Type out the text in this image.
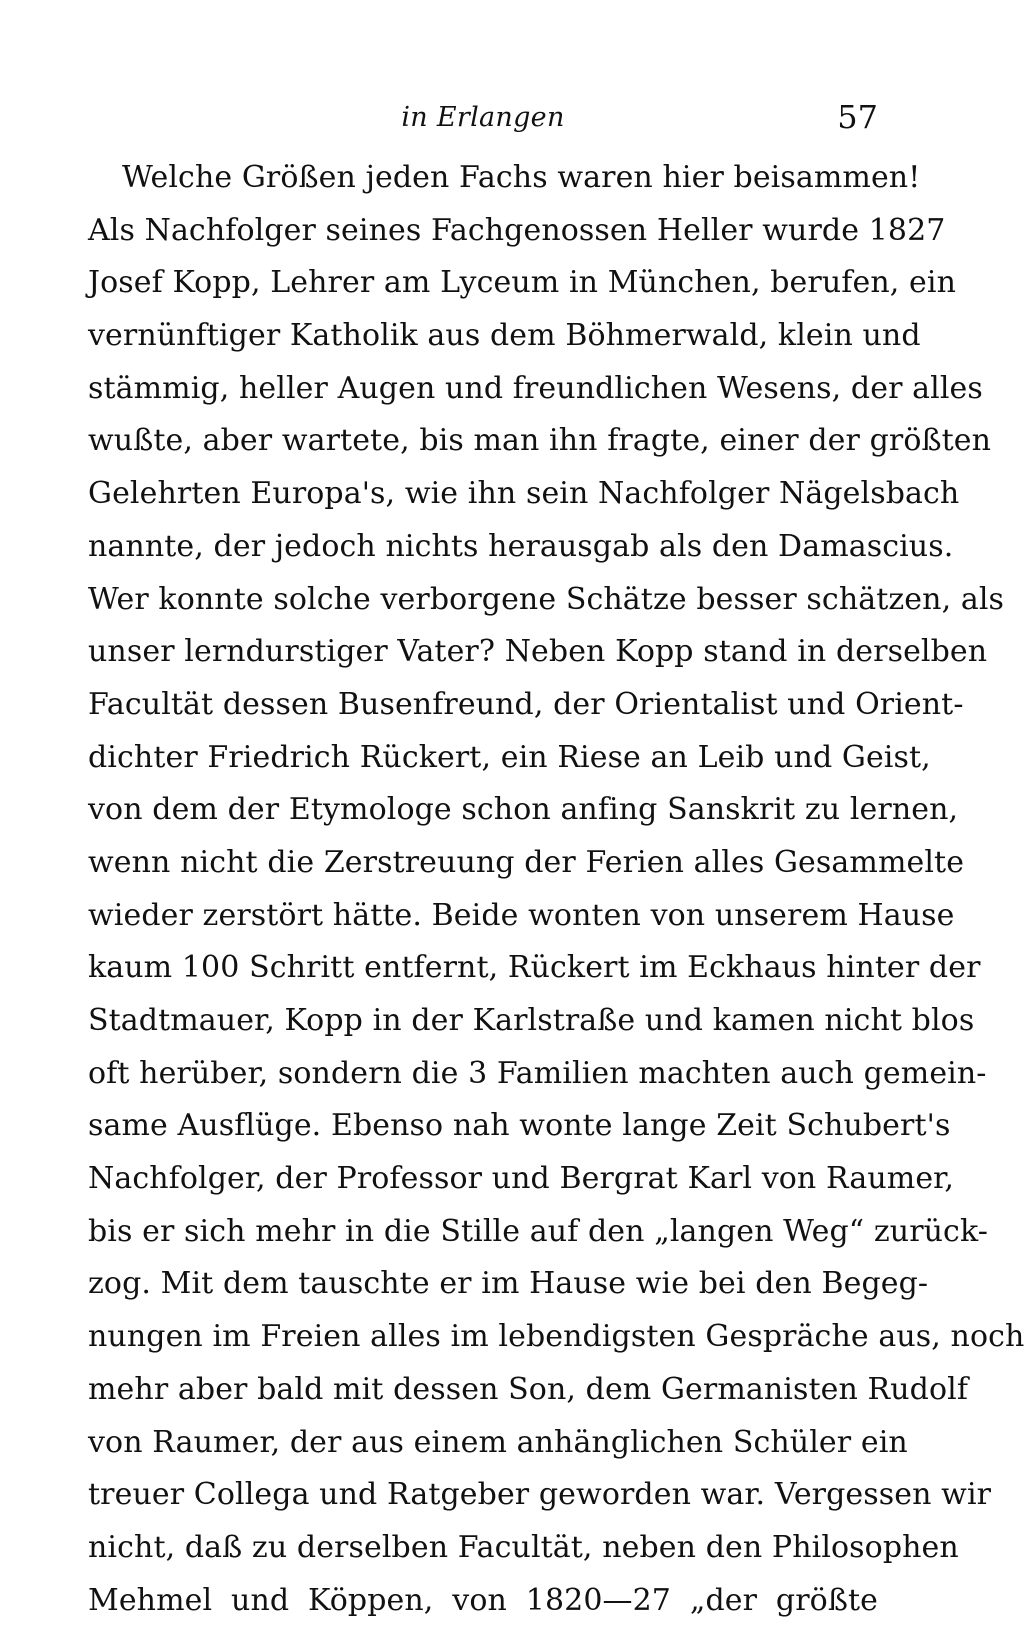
in Erlangen	57
Welche Größen jeden Fachs waren hier beisammen!
Als Nachfolger seines Fachgenossen Heller wurde 1827
Josef Kopp, Lehrer am Lyceum in München, berufen, ein
vernünftiger Katholik aus dem Böhmerwald, klein und
stämmig, heller Augen und freundlichen Wesens, der alles
wußte, aber wartete, bis man ihn fragte, einer der größten
Gelehrten Europa's, wie ihn sein Nachfolger Nägelsbach
nannte, der jedoch nichts herausgab als den Damascius.
Wer konnte solche verborgene Schätze besser schätzen, als
unser lerndurstiger Vater? Neben Kopp stand in derselben
Facultät dessen Busenfreund, der Orientalist und Orient-
dichter Friedrich Rückert, ein Riese an Leib und Geist,
von dem der Etymologe schon anfing Sanskrit zu lernen,
wenn nicht die Zerstreuung der Ferien alles Gesammelte
wieder zerstört hätte. Beide wonten von unserem Hause
kaum 100 Schritt entfernt, Rückert im Eckhaus hinter der
Stadtmauer, Kopp in der Karlstraße und kamen nicht blos
oft herüber, sondern die 3 Familien machten auch gemein-
same Ausflüge. Ebenso nah wonte lange Zeit Schubert's
Nachfolger, der Professor und Bergrat Karl von Raumer,
bis er sich mehr in die Stille auf den „langen Weg“ zurück-
zog. Mit dem tauschte er im Hause wie bei den Begeg-
nungen im Freien alles im lebendigsten Gespräche aus, noch
mehr aber bald mit dessen Son, dem Germanisten Rudolf
von Raumer, der aus einem anhänglichen Schüler ein
treuer Collega und Ratgeber geworden war. Vergessen wir
nicht, daß zu derselben Facultät, neben den Philosophen
Mehmel und Köppen, von 1820—27 „der größte
